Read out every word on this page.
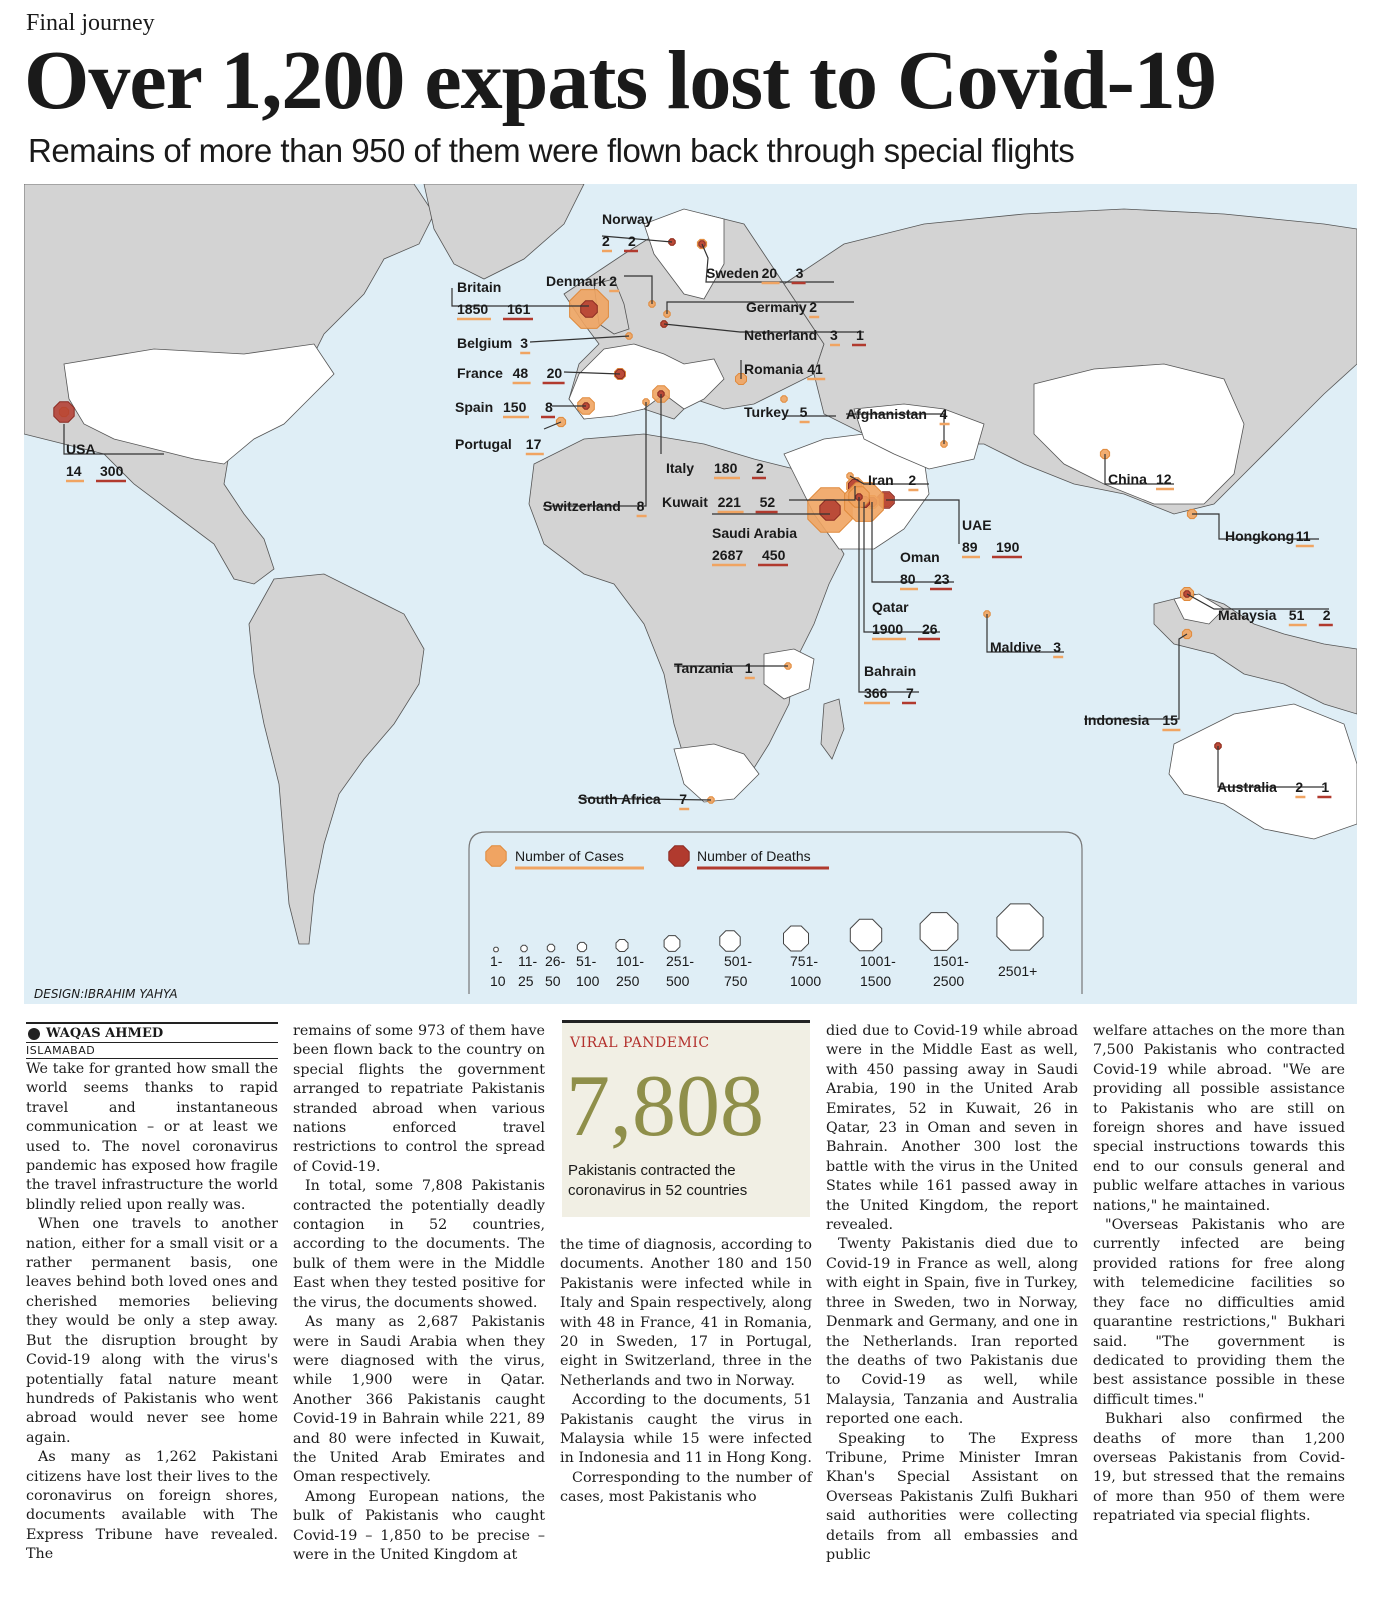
Final journey
Over 1,200 expats lost to Covid-19
Remains of more than 950 of them were flown back through special flights
Norway
2 2
Sweden 20 3
Denmark 2
Britain
1850 161	Germany 2
Netherland 3 1
Belgium 3
France 48 20	Romania 41
Spain 150 8	Turkey 5	Afghanistan 4
Portugal 17
USA
14 300	Italy 180 2
Iran 2	China 12
Kuwait 221 52
Switzerland 8
Saudi Arabia
2687 450
UAE
89 190
Hongkong 11
Oman
80 23
Qatar
1900 26
Malaysia 51 2
Maldive 3
Tanzania 1	Bahrain
366 7
Indonesia 15
South Africa 7
Australia 2 1
Number of Cases	Number of Deaths
1-
10
11-
25
26-
50
51-
100
101-
250
251-
500
501-
750
751-
1000
1001-
1500
1501-
2500
2501+
DESIGN:IBRAHIM YAHYA
WAQAS AHMED
ISLAMABAD

We take for granted how small the world seems thanks to rapid travel and instantaneous communication – or at least we used to. The novel coronavirus pandemic has exposed how fragile the travel infrastructure the world blindly relied upon really was.

When one travels to another nation, either for a small visit or a rather permanent basis, one leaves behind both loved ones and cherished memories believing they would be only a step away. But the disruption brought by Covid-19 along with the virus's potentially fatal nature meant hundreds of Pakistanis who went abroad would never see home again.

As many as 1,262 Pakistani citizens have lost their lives to the coronavirus on foreign shores, documents available with The Express Tribune have revealed. The

remains of some 973 of them have been flown back to the country on special flights the government arranged to repatriate Pakistanis stranded abroad when various nations enforced travel restrictions to control the spread of Covid-19.

In total, some 7,808 Pakistanis contracted the potentially deadly contagion in 52 countries, according to the documents. The bulk of them were in the Middle East when they tested positive for the virus, the documents showed.

As many as 2,687 Pakistanis were in Saudi Arabia when they were diagnosed with the virus, while 1,900 were in Qatar. Another 366 Pakistanis caught Covid-19 in Bahrain while 221, 89 and 80 were infected in Kuwait, the United Arab Emirates and Oman respectively.

Among European nations, the bulk of Pakistanis who caught Covid-19 – 1,850 to be precise – were in the United Kingdom at

VIRAL PANDEMIC
7,808
Pakistanis contracted the coronavirus in 52 countries

the time of diagnosis, according to documents. Another 180 and 150 Pakistanis were infected while in Italy and Spain respectively, along with 48 in France, 41 in Romania, 20 in Sweden, 17 in Portugal, eight in Switzerland, three in the Netherlands and two in Norway.

According to the documents, 51 Pakistanis caught the virus in Malaysia while 15 were infected in Indonesia and 11 in Hong Kong.

Corresponding to the number of cases, most Pakistanis who

died due to Covid-19 while abroad were in the Middle East as well, with 450 passing away in Saudi Arabia, 190 in the United Arab Emirates, 52 in Kuwait, 26 in Qatar, 23 in Oman and seven in Bahrain. Another 300 lost the battle with the virus in the United States while 161 passed away in the United Kingdom, the report revealed.

Twenty Pakistanis died due to Covid-19 in France as well, along with eight in Spain, five in Turkey, three in Sweden, two in Norway, Denmark and Germany, and one in the Netherlands. Iran reported the deaths of two Pakistanis due to Covid-19 as well, while Malaysia, Tanzania and Australia reported one each.

Speaking to The Express Tribune, Prime Minister Imran Khan's Special Assistant on Overseas Pakistanis Zulfi Bukhari said authorities were collecting details from all embassies and public

welfare attaches on the more than 7,500 Pakistanis who contracted Covid-19 while abroad. "We are providing all possible assistance to Pakistanis who are still on foreign shores and have issued special instructions towards this end to our consuls general and public welfare attaches in various nations," he maintained.

"Overseas Pakistanis who are currently infected are being provided rations for free along with telemedicine facilities so they face no difficulties amid quarantine restrictions," Bukhari said. "The government is dedicated to providing them the best assistance possible in these difficult times."

Bukhari also confirmed the deaths of more than 1,200 overseas Pakistanis from Covid-19, but stressed that the remains of more than 950 of them were repatriated via special flights.
